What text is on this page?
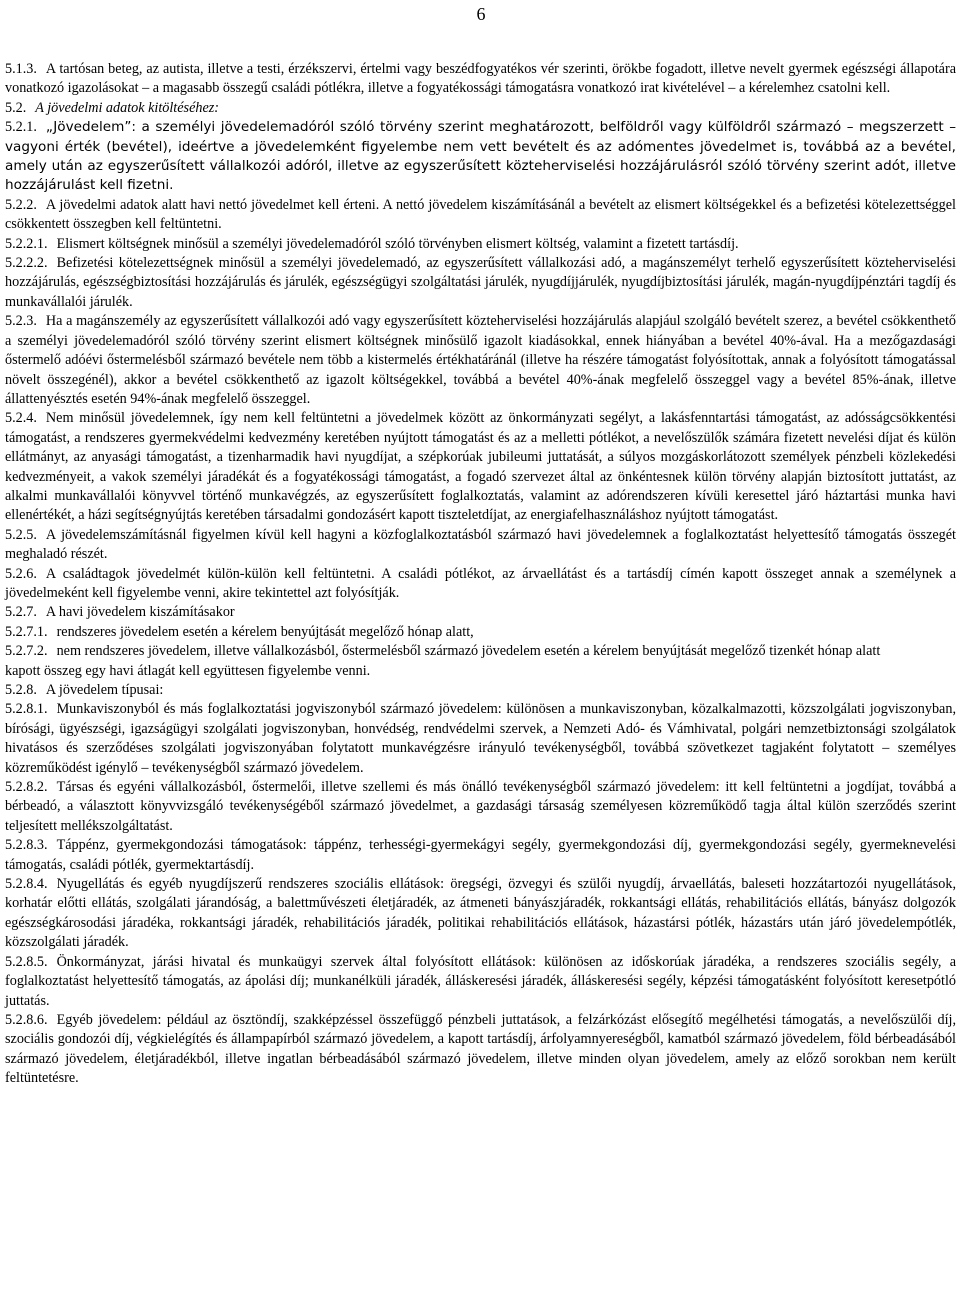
6

5.1.3. A tartósan beteg, az autista, illetve a testi, érzékszervi, értelmi vagy beszédfogyatékos vér szerinti, örökbe fogadott, illetve nevelt gyermek egészségi állapotára vonatkozó igazolásokat – a magasabb összegű családi pótlékra, illetve a fogyatékossági támogatásra vonatkozó irat kivételével – a kérelemhez csatolni kell.

5.2. A jövedelmi adatok kitöltéséhez:

5.2.1. „Jövedelem”: a személyi jövedelemadóról szóló törvény szerint meghatározott, belföldről vagy külföldről származó – megszerzett – vagyoni érték (bevétel), ideértve a jövedelemként figyelembe nem vett bevételt és az adómentes jövedelmet is, továbbá az a bevétel, amely után az egyszerűsített vállalkozói adóról, illetve az egyszerűsített közteherviselési hozzájárulásról szóló törvény szerint adót, illetve hozzájárulást kell fizetni.

5.2.2. A jövedelmi adatok alatt havi nettó jövedelmet kell érteni. A nettó jövedelem kiszámításánál a bevételt az elismert költségekkel és a befizetési kötelezettséggel csökkentett összegben kell feltüntetni.

5.2.2.1. Elismert költségnek minősül a személyi jövedelemadóról szóló törvényben elismert költség, valamint a fizetett tartásdíj.

5.2.2.2. Befizetési kötelezettségnek minősül a személyi jövedelemadó, az egyszerűsített vállalkozási adó, a magánszemélyt terhelő egyszerűsített közteherviselési hozzájárulás, egészségbiztosítási hozzájárulás és járulék, egészségügyi szolgáltatási járulék, nyugdíjjárulék, nyugdíjbiztosítási járulék, magán-nyugdíjpénztári tagdíj és munkavállalói járulék.

5.2.3. Ha a magánszemély az egyszerűsített vállalkozói adó vagy egyszerűsített közteherviselési hozzájárulás alapjául szolgáló bevételt szerez, a bevétel csökkenthető a személyi jövedelemadóról szóló törvény szerint elismert költségnek minősülő igazolt kiadásokkal, ennek hiányában a bevétel 40%-ával. Ha a mezőgazdasági őstermelő adóévi őstermelésből származó bevétele nem több a kistermelés értékhatáránál (illetve ha részére támogatást folyósítottak, annak a folyósított támogatással növelt összegénél), akkor a bevétel csökkenthető az igazolt költségekkel, továbbá a bevétel 40%-ának megfelelő összeggel vagy a bevétel 85%-ának, illetve állattenyésztés esetén 94%-ának megfelelő összeggel.

5.2.4. Nem minősül jövedelemnek, így nem kell feltüntetni a jövedelmek között az önkormányzati segélyt, a lakásfenntartási támogatást, az adósságcsökkentési támogatást, a rendszeres gyermekvédelmi kedvezmény keretében nyújtott támogatást és az a melletti pótlékot, a nevelőszülők számára fizetett nevelési díjat és külön ellátmányt, az anyasági támogatást, a tizenharmadik havi nyugdíjat, a szépkorúak jubileumi juttatását, a súlyos mozgáskorlátozott személyek pénzbeli közlekedési kedvezményeit, a vakok személyi járadékát és a fogyatékossági támogatást, a fogadó szervezet által az önkéntesnek külön törvény alapján biztosított juttatást, az alkalmi munkavállalói könyvvel történő munkavégzés, az egyszerűsített foglalkoztatás, valamint az adórendszeren kívüli keresettel járó háztartási munka havi ellenértékét, a házi segítségnyújtás keretében társadalmi gondozásért kapott tiszteletdíjat, az energiafelhasználáshoz nyújtott támogatást.

5.2.5. A jövedelemszámításnál figyelmen kívül kell hagyni a közfoglalkoztatásból származó havi jövedelemnek a foglalkoztatást helyettesítő támogatás összegét meghaladó részét.

5.2.6. A családtagok jövedelmét külön-külön kell feltüntetni. A családi pótlékot, az árvaellátást és a tartásdíj címén kapott összeget annak a személynek a jövedelmeként kell figyelembe venni, akire tekintettel azt folyósítják.

5.2.7. A havi jövedelem kiszámításakor

5.2.7.1. rendszeres jövedelem esetén a kérelem benyújtását megelőző hónap alatt,

5.2.7.2. nem rendszeres jövedelem, illetve vállalkozásból, őstermelésből származó jövedelem esetén a kérelem benyújtását megelőző tizenkét hónap alatt

kapott összeg egy havi átlagát kell együttesen figyelembe venni.

5.2.8. A jövedelem típusai:

5.2.8.1. Munkaviszonyból és más foglalkoztatási jogviszonyból származó jövedelem: különösen a munkaviszonyban, közalkalmazotti, közszolgálati jogviszonyban, bírósági, ügyészségi, igazságügyi szolgálati jogviszonyban, honvédség, rendvédelmi szervek, a Nemzeti Adó- és Vámhivatal, polgári nemzetbiztonsági szolgálatok hivatásos és szerződéses szolgálati jogviszonyában folytatott munkavégzésre irányuló tevékenységből, továbbá szövetkezet tagjaként folytatott – személyes közreműködést igénylő – tevékenységből származó jövedelem.

5.2.8.2. Társas és egyéni vállalkozásból, őstermelői, illetve szellemi és más önálló tevékenységből származó jövedelem: itt kell feltüntetni a jogdíjat, továbbá a bérbeadó, a választott könyvvizsgáló tevékenységéből származó jövedelmet, a gazdasági társaság személyesen közreműködő tagja által külön szerződés szerint teljesített mellékszolgáltatást.

5.2.8.3. Táppénz, gyermekgondozási támogatások: táppénz, terhességi-gyermekágyi segély, gyermekgondozási díj, gyermekgondozási segély, gyermeknevelési támogatás, családi pótlék, gyermektartásdíj.

5.2.8.4. Nyugellátás és egyéb nyugdíjszerű rendszeres szociális ellátások: öregségi, özvegyi és szülői nyugdíj, árvaellátás, baleseti hozzátartozói nyugellátások, korhatár előtti ellátás, szolgálati járandóság, a balettművészeti életjáradék, az átmeneti bányászjáradék, rokkantsági ellátás, rehabilitációs ellátás, bányász dolgozók egészségkárosodási járadéka, rokkantsági járadék, rehabilitációs járadék, politikai rehabilitációs ellátások, házastársi pótlék, házastárs után járó jövedelempótlék, közszolgálati járadék.

5.2.8.5. Önkormányzat, járási hivatal és munkaügyi szervek által folyósított ellátások: különösen az időskorúak járadéka, a rendszeres szociális segély, a foglalkoztatást helyettesítő támogatás, az ápolási díj; munkanélküli járadék, álláskeresési járadék, álláskeresési segély, képzési támogatásként folyósított keresetpótló juttatás.

5.2.8.6. Egyéb jövedelem: például az ösztöndíj, szakképzéssel összefüggő pénzbeli juttatások, a felzárkózást elősegítő megélhetési támogatás, a nevelőszülői díj, szociális gondozói díj, végkielégítés és állampapírból származó jövedelem, a kapott tartásdíj, árfolyamnyereségből, kamatból származó jövedelem, föld bérbeadásából származó jövedelem, életjáradékból, illetve ingatlan bérbeadásából származó jövedelem, illetve minden olyan jövedelem, amely az előző sorokban nem került feltüntetésre.
